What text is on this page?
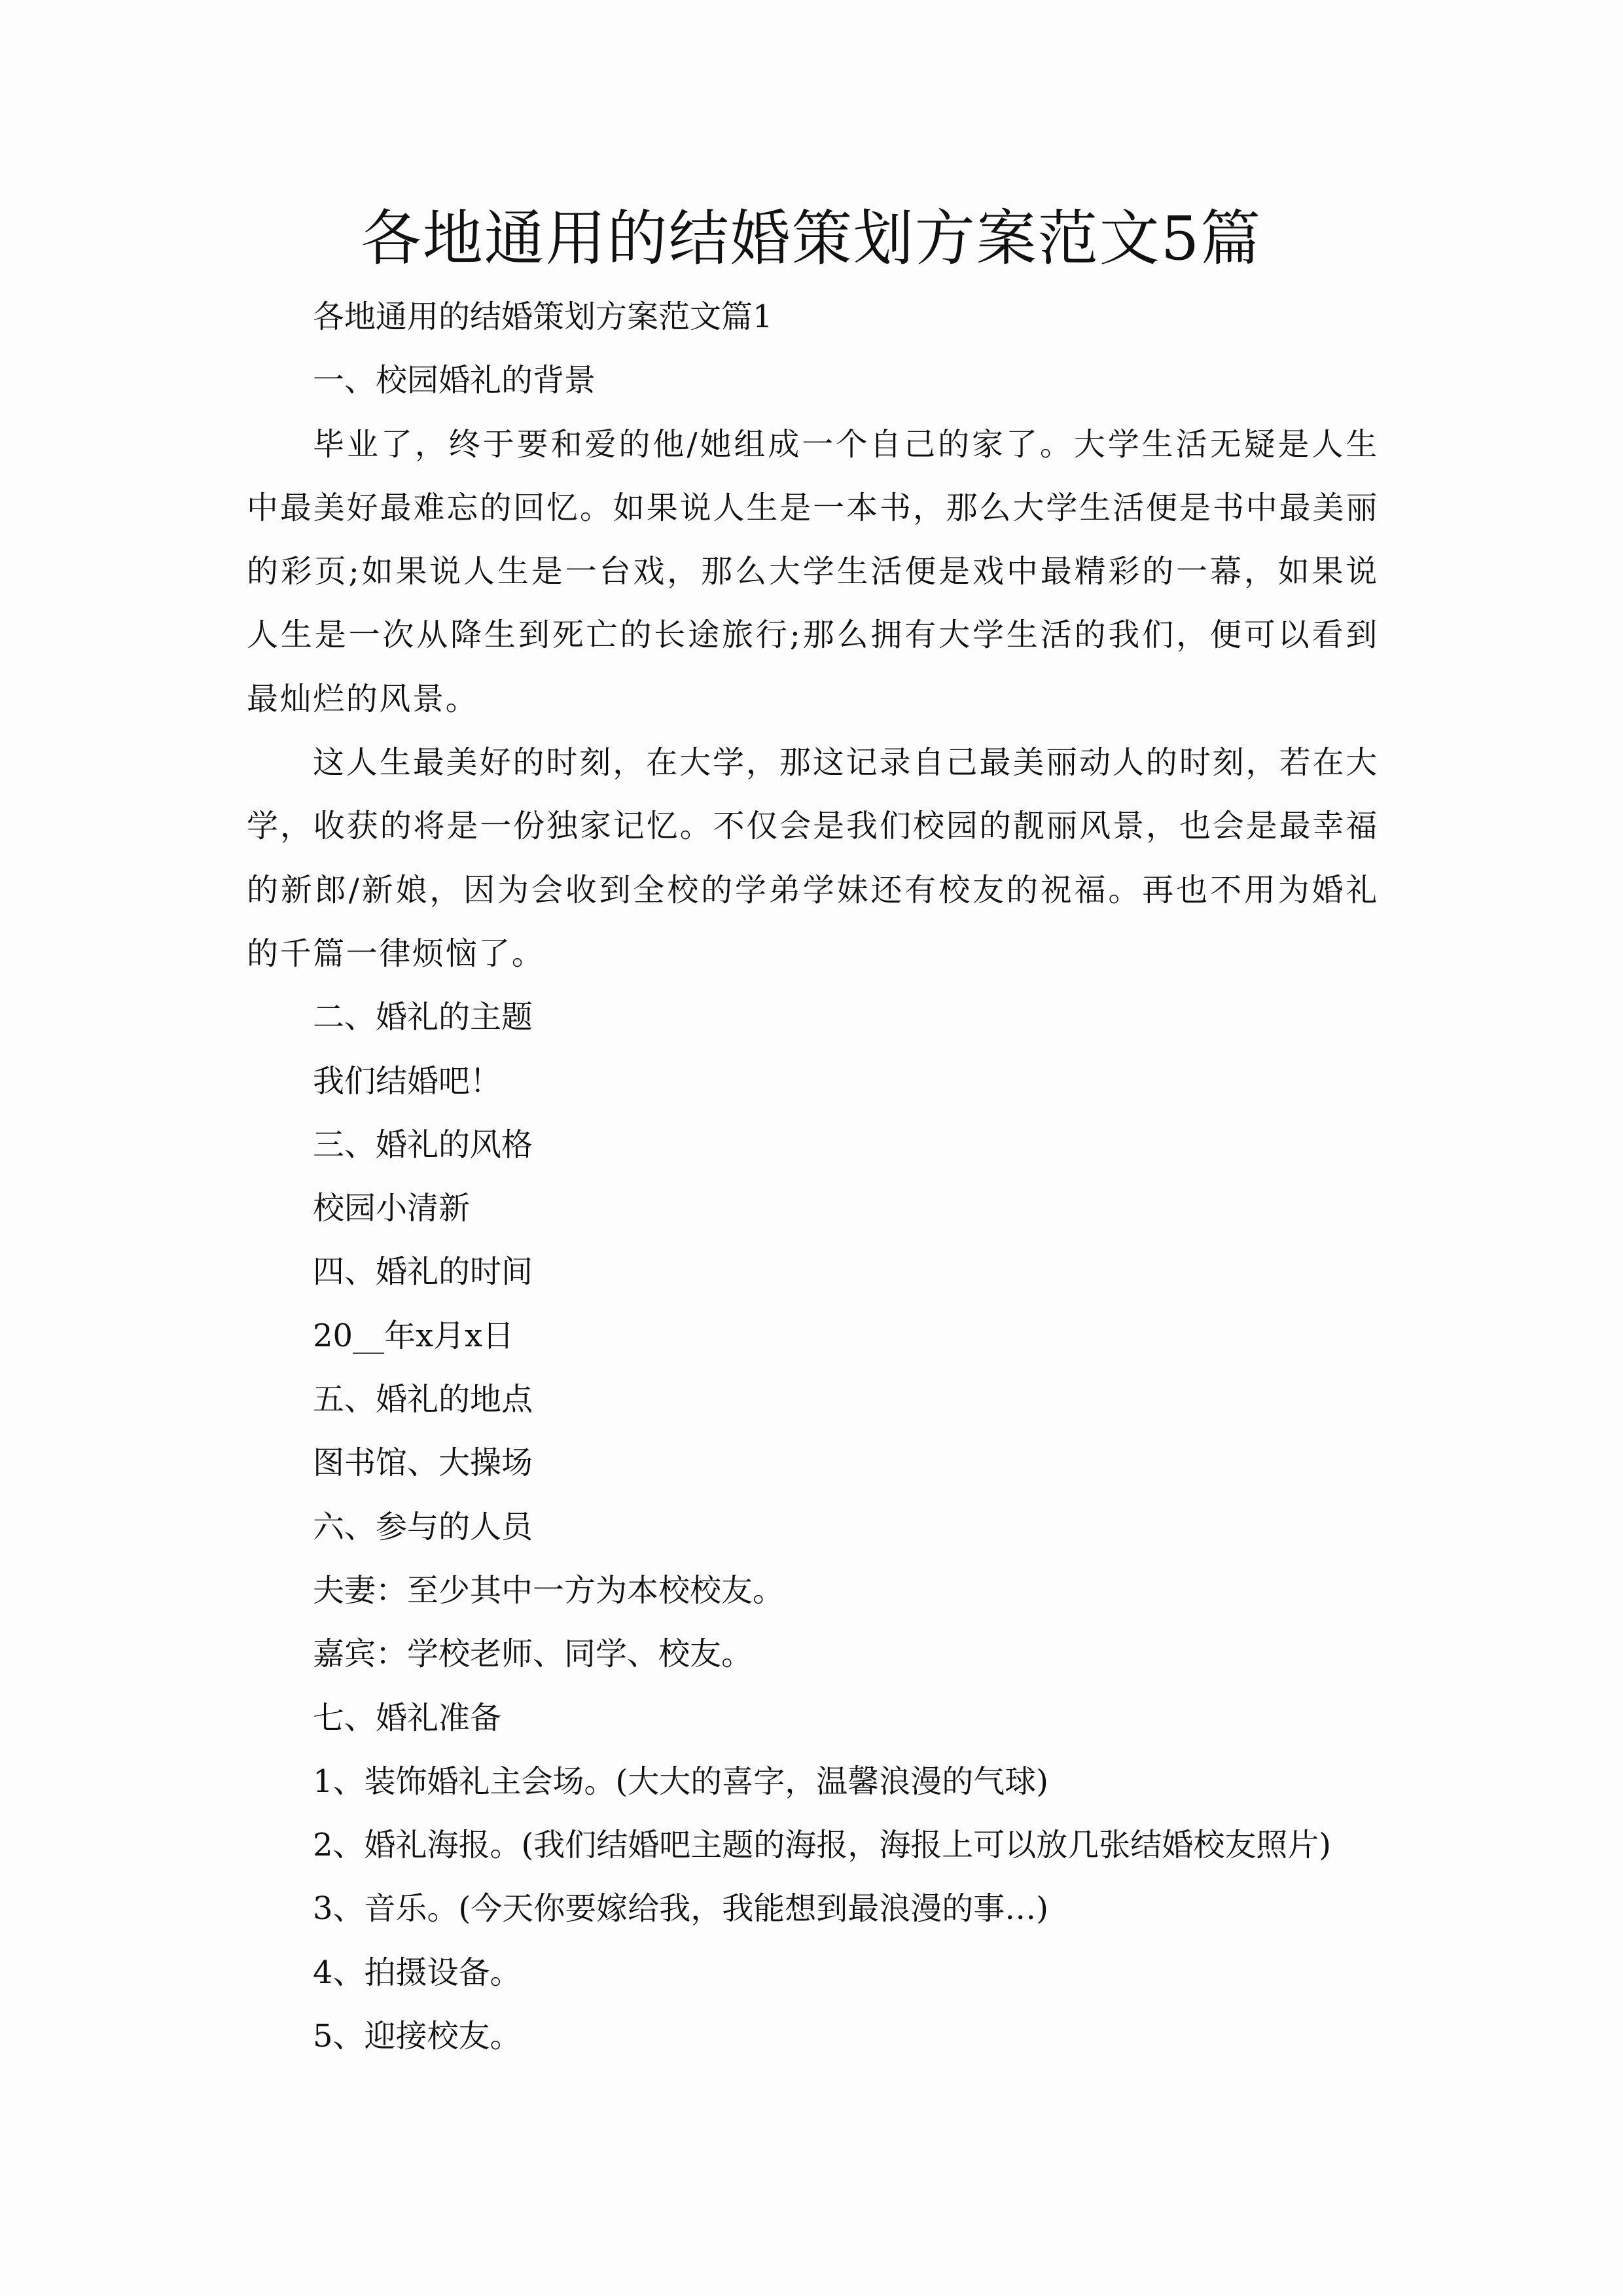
各地通用的结婚策划方案范文5篇
各地通用的结婚策划方案范文篇1
一、校园婚礼的背景

毕业了，终于要和爱的他/她组成一个自己的家了。大学生活无疑是人生中最美好最难忘的回忆。如果说人生是一本书，那么大学生活便是书中最美丽的彩页;如果说人生是一台戏，那么大学生活便是戏中最精彩的一幕，如果说人生是一次从降生到死亡的长途旅行;那么拥有大学生活的我们，便可以看到最灿烂的风景。

这人生最美好的时刻，在大学，那这记录自己最美丽动人的时刻，若在大学，收获的将是一份独家记忆。不仅会是我们校园的靓丽风景，也会是最幸福的新郎/新娘，因为会收到全校的学弟学妹还有校友的祝福。再也不用为婚礼的千篇一律烦恼了。

二、婚礼的主题
我们结婚吧！
三、婚礼的风格
校园小清新
四、婚礼的时间
20__年x月x日
五、婚礼的地点
图书馆、大操场
六、参与的人员
夫妻：至少其中一方为本校校友。
嘉宾：学校老师、同学、校友。
七、婚礼准备
1、装饰婚礼主会场。(大大的喜字，温馨浪漫的气球)
2、婚礼海报。(我们结婚吧主题的海报，海报上可以放几张结婚校友照片)
3、音乐。(今天你要嫁给我，我能想到最浪漫的事…)
4、拍摄设备。
5、迎接校友。
